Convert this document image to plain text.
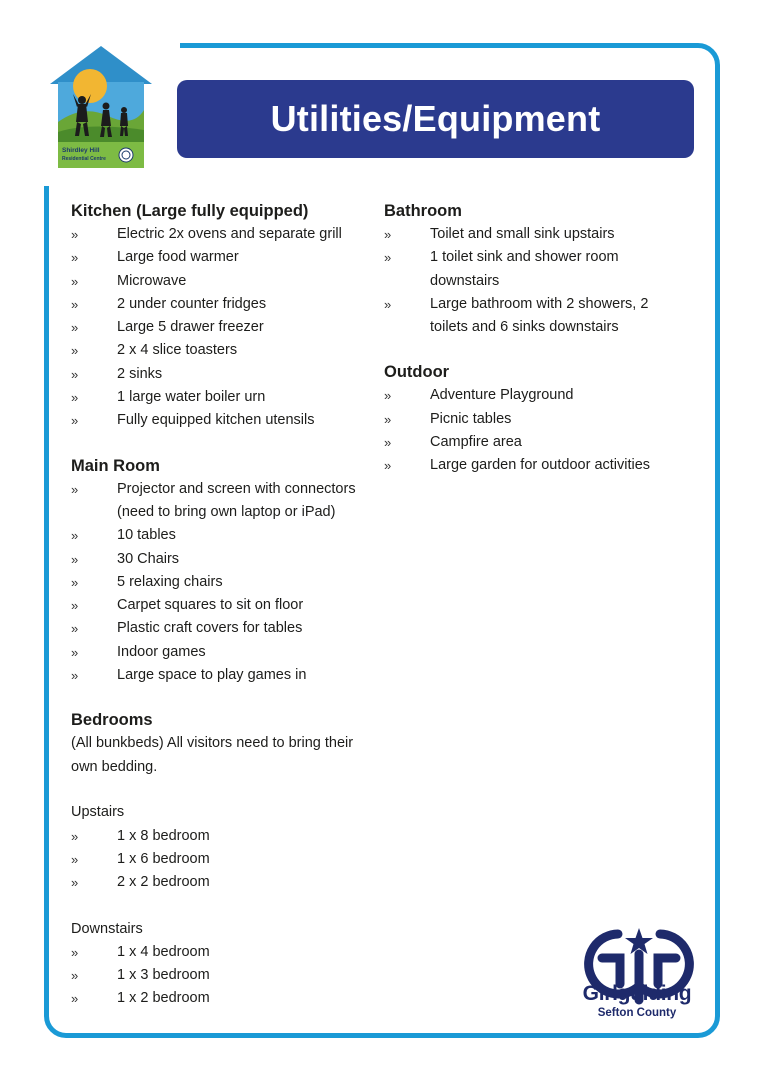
Shirdley Hill
Residential Centre
Utilities/Equipment
Kitchen (Large fully equipped)
»	Electric 2x ovens and separate grill
»	Large food warmer
»	Microwave
»	2 under counter fridges
»	Large 5 drawer freezer
»	2 x 4 slice toasters
»	2 sinks
»	1 large water boiler urn
»	Fully equipped kitchen utensils
Main Room
»	Projector and screen with connectors (need to bring own laptop or iPad)
»	10 tables
»	30 Chairs
»	5 relaxing chairs
»	Carpet squares to sit on floor
»	Plastic craft covers for tables
»	Indoor games
»	Large space to play games in
Bedrooms

(All bunkbeds) All visitors need to bring their own bedding.

Upstairs

»	1 x 8 bedroom
»	1 x 6 bedroom
»	2 x 2 bedroom

Downstairs

»	1 x 4 bedroom
»	1 x 3 bedroom
»	1 x 2 bedroom
Bathroom
»	Toilet and small sink upstairs
»	1 toilet sink and shower room downstairs
»	Large bathroom with 2 showers, 2 toilets and 6 sinks downstairs
Outdoor
»	Adventure Playground
»	Picnic tables
»	Campfire area
»	Large garden for outdoor activities
Girlguiding
Sefton County
